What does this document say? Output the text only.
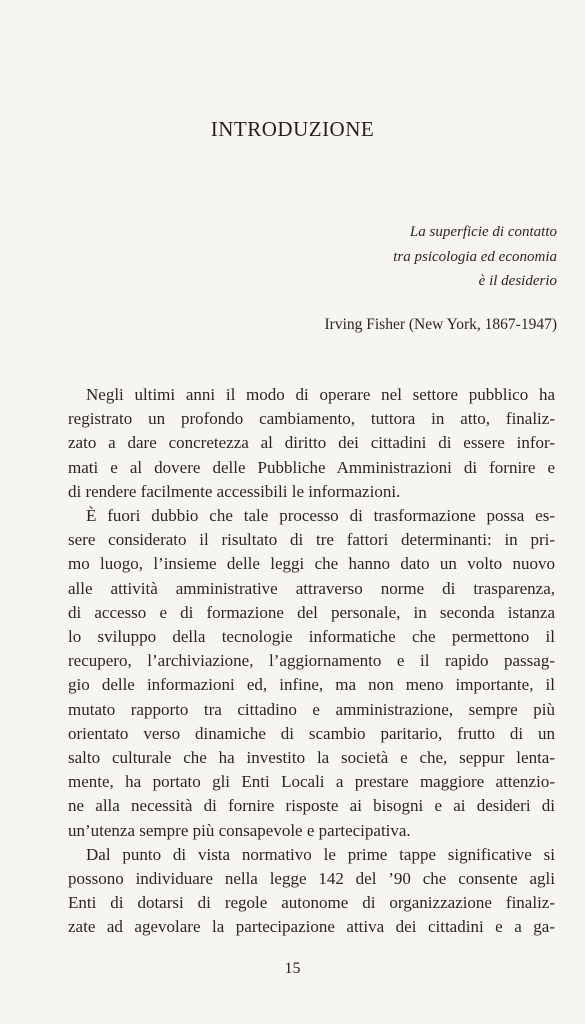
INTRODUZIONE
La superficie di contatto
tra psicologia ed economia
è il desiderio
Irving Fisher (New York, 1867-1947)
Negli ultimi anni il modo di operare nel settore pubblico ha
registrato un profondo cambiamento, tuttora in atto, finaliz-
zato a dare concretezza al diritto dei cittadini di essere infor-
mati e al dovere delle Pubbliche Amministrazioni di fornire e
di rendere facilmente accessibili le informazioni.
È fuori dubbio che tale processo di trasformazione possa es-
sere considerato il risultato di tre fattori determinanti: in pri-
mo luogo, l’insieme delle leggi che hanno dato un volto nuovo
alle attività amministrative attraverso norme di trasparenza,
di accesso e di formazione del personale, in seconda istanza
lo sviluppo della tecnologie informatiche che permettono il
recupero, l’archiviazione, l’aggiornamento e il rapido passag-
gio delle informazioni ed, infine, ma non meno importante, il
mutato rapporto tra cittadino e amministrazione, sempre più
orientato verso dinamiche di scambio paritario, frutto di un
salto culturale che ha investito la società e che, seppur lenta-
mente, ha portato gli Enti Locali a prestare maggiore attenzio-
ne alla necessità di fornire risposte ai bisogni e ai desideri di
un’utenza sempre più consapevole e partecipativa.
Dal punto di vista normativo le prime tappe significative si
possono individuare nella legge 142 del ’90 che consente agli
Enti di dotarsi di regole autonome di organizzazione finaliz-
zate ad agevolare la partecipazione attiva dei cittadini e a ga-
15
